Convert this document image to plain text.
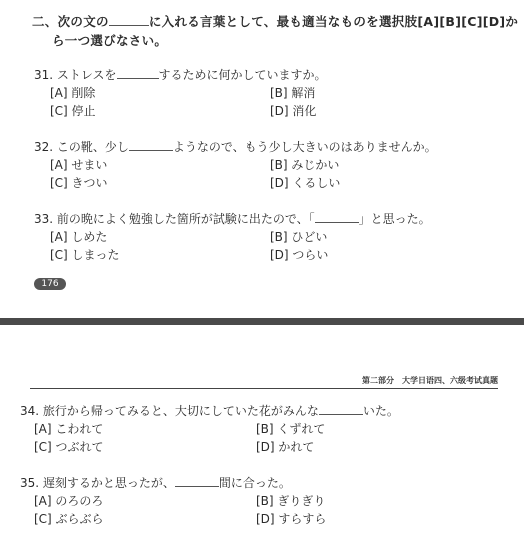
二、次の文の	に入れる言葉として、最も適当なものを選択肢[A][B][C][D]か
ら一つ選びなさい。
31. ストレスを	するために何かしていますか。
[A] 削除	[B] 解消
[C] 停止	[D] 消化
32. この靴、少し	ようなので、もう少し大きいのはありませんか。
[A] せまい	[B] みじかい
[C] きつい	[D] くるしい
33. 前の晩によく勉強した箇所が試験に出たので、「	」と思った。
[A] しめた	[B] ひどい
[C] しまった	[D] つらい
176
第二部分　大学日语四、六级考试真题
34. 旅行から帰ってみると、大切にしていた花がみんな	いた。
[A] こわれて	[B] くずれて
[C] つぶれて	[D] かれて
35. 遅刻するかと思ったが、	間に合った。
[A] のろのろ	[B] ぎりぎり
[C] ぶらぶら	[D] すらすら
